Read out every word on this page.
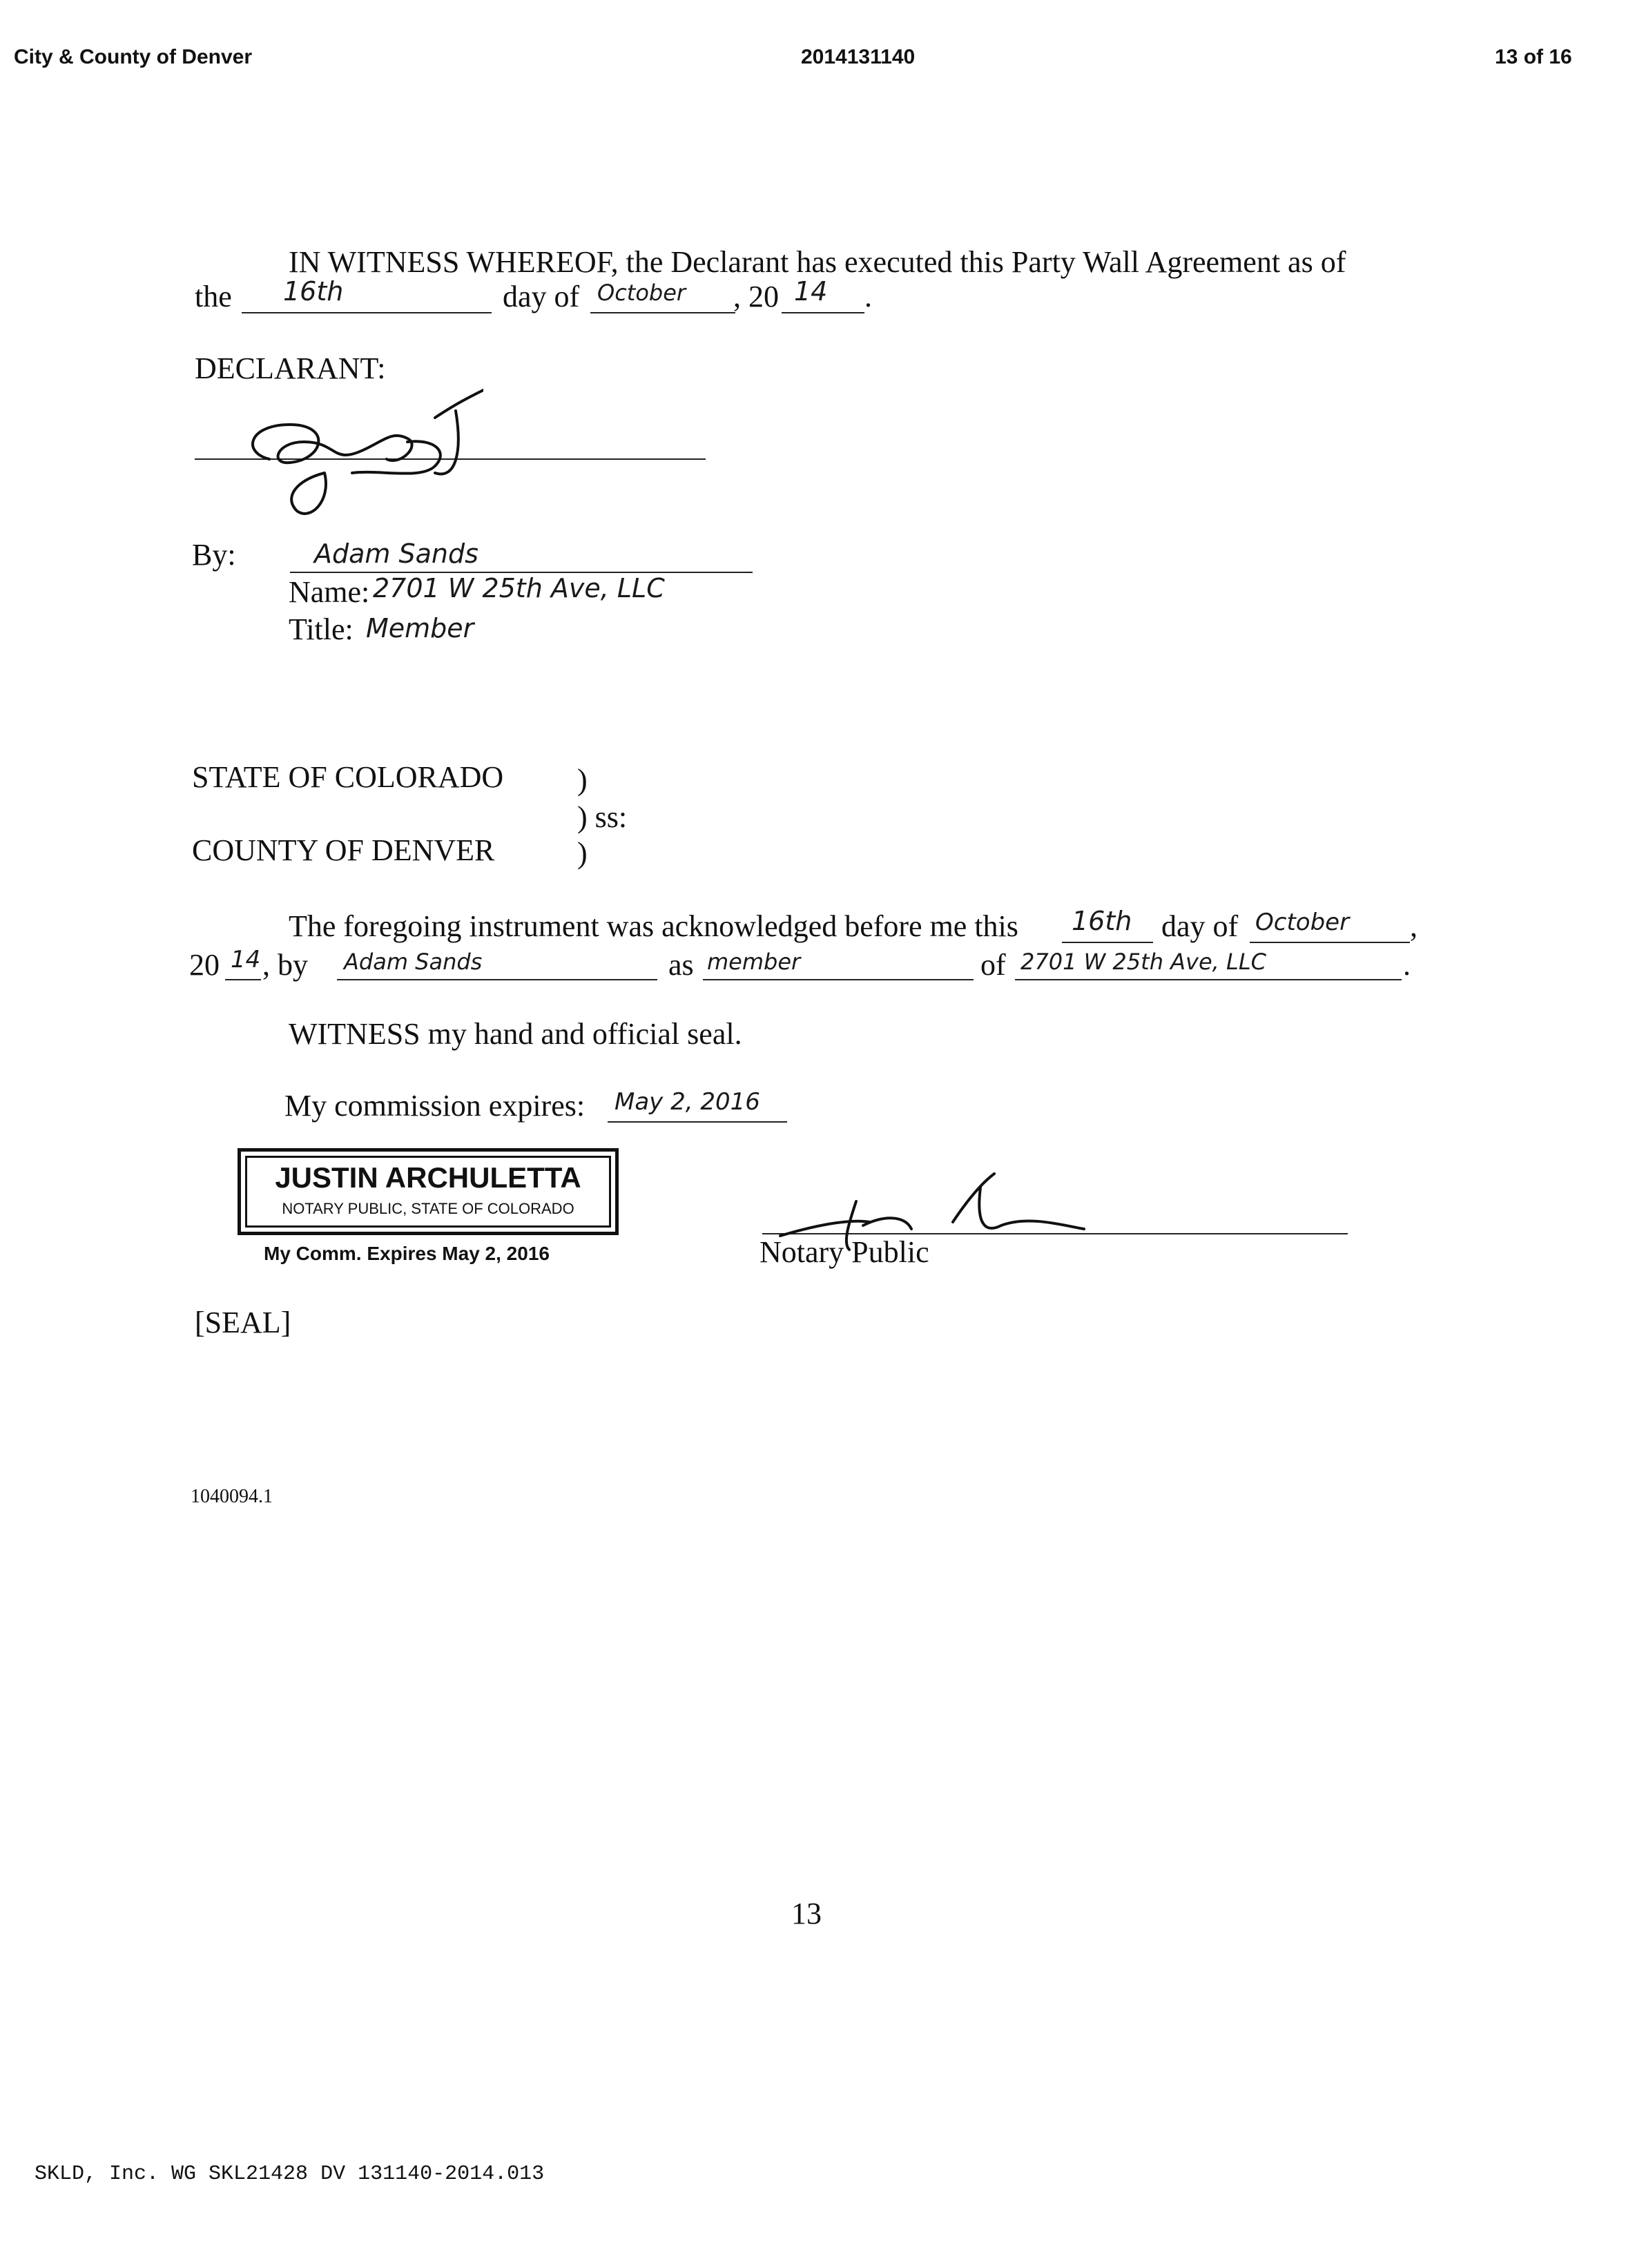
City & County of Denver	2014131140	13 of 16
IN WITNESS WHEREOF, the Declarant has executed this Party Wall Agreement as of
the 16th	day of October , 20 14 .
DECLARANT:
By:	Adam Sands
Name: 2701 W 25th Ave, LLC
Title: Member
STATE OF COLORADO )
) ss:
COUNTY OF DENVER	)
The foregoing instrument was acknowledged before me this 16th day of October ,
20 14 , by Adam Sands	as member	of 2701 W 25th Ave, LLC	.
WITNESS my hand and official seal.
My commission expires: May 2, 2016
JUSTIN ARCHULETTA
NOTARY PUBLIC, STATE OF COLORADO
My Comm. Expires May 2, 2016	Notary Public
[SEAL]
1040094.1
13
SKLD, Inc. WG SKL21428 DV 131140-2014.013
